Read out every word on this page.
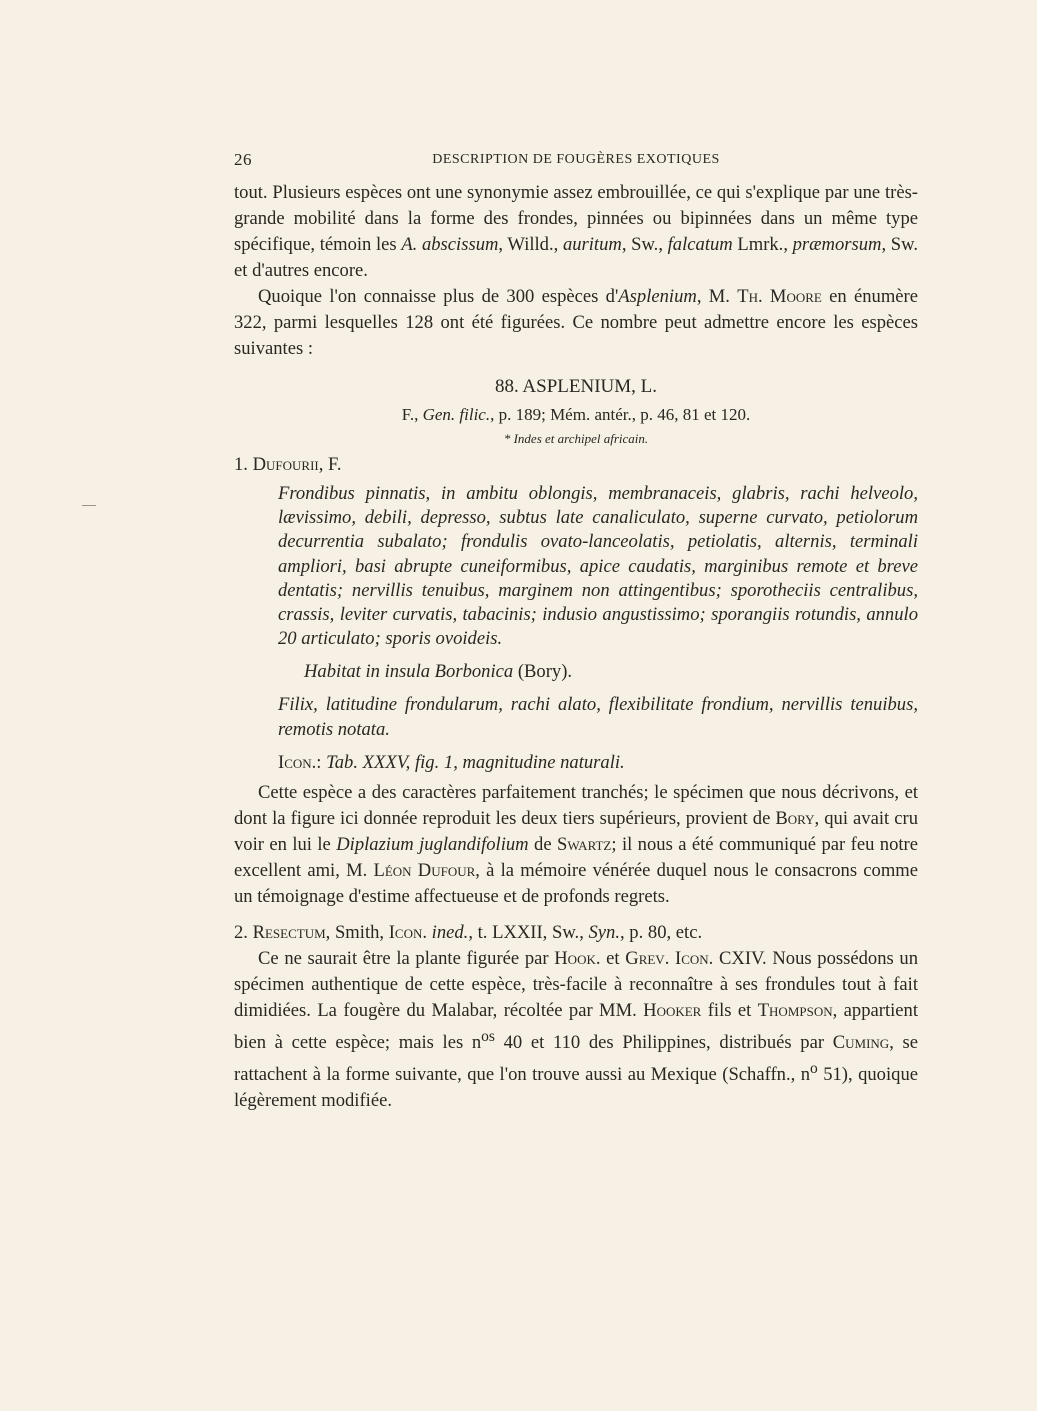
26	DESCRIPTION DE FOUGÈRES EXOTIQUES

tout. Plusieurs espèces ont une synonymie assez embrouillée, ce qui s'explique par une très-grande mobilité dans la forme des frondes, pinnées ou bipinnées dans un même type spécifique, témoin les A. abscissum, Willd., auritum, Sw., falcatum Lmrk., præmorsum, Sw. et d'autres encore.

Quoique l'on connaisse plus de 300 espèces d'Asplenium, M. Th. Moore en énumère 322, parmi lesquelles 128 ont été figurées. Ce nombre peut admettre encore les espèces suivantes :

88. ASPLENIUM, L.

F., Gen. filic., p. 189; Mém. antér., p. 46, 81 et 120.

* Indes et archipel africain.

1. Dufourii, F.

Frondibus pinnatis, in ambitu oblongis, membranaceis, glabris, rachi helveolo, lævissimo, debili, depresso, subtus late canaliculato, superne curvato, petiolorum decurrentia subalato; frondulis ovato-lanceolatis, petiolatis, alternis, terminali ampliori, basi abrupte cuneiformibus, apice caudatis, marginibus remote et breve dentatis; nervillis tenuibus, marginem non attingentibus; sporotheciis centralibus, crassis, leviter curvatis, tabacinis; indusio angustissimo; sporangiis rotundis, annulo 20 articulato; sporis ovoideis.

Habitat in insula Borbonica (Bory).

Filix, latitudine frondularum, rachi alato, flexibilitate frondium, nervillis tenuibus, remotis notata.

Icon.: Tab. XXXV, fig. 1, magnitudine naturali.

Cette espèce a des caractères parfaitement tranchés; le spécimen que nous décrivons, et dont la figure ici donnée reproduit les deux tiers supérieurs, provient de Bory, qui avait cru voir en lui le Diplazium juglandifolium de Swartz; il nous a été communiqué par feu notre excellent ami, M. Léon Dufour, à la mémoire vénérée duquel nous le consacrons comme un témoignage d'estime affectueuse et de profonds regrets.

2. Resectum, Smith, Icon. ined., t. LXXII, Sw., Syn., p. 80, etc.

Ce ne saurait être la plante figurée par Hook. et Grev. Icon. CXIV. Nous possédons un spécimen authentique de cette espèce, très-facile à reconnaître à ses frondules tout à fait dimidiées. La fougère du Malabar, récoltée par MM. Hooker fils et Thompson, appartient bien à cette espèce; mais les $n^{os}$ 40 et 110 des Philippines, distribués par Cuming, se rattachent à la forme suivante, que l'on trouve aussi au Mexique (Schaffn., $n^o$ 51), quoique légèrement modifiée.
